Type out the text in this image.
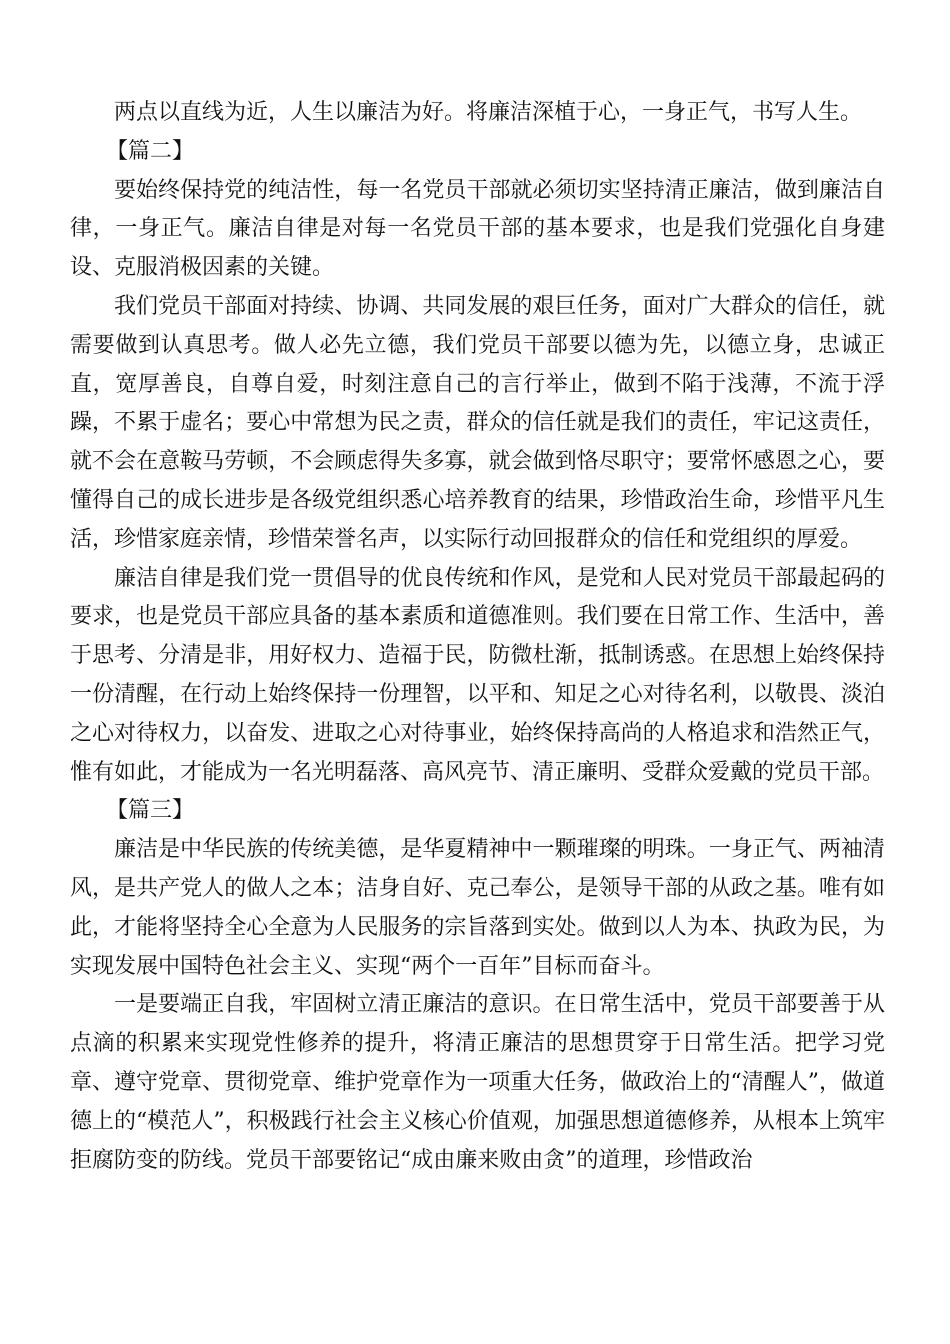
两点以直线为近，人生以廉洁为好。将廉洁深植于心，一身正气，书写人生。

【篇二】

要始终保持党的纯洁性，每一名党员干部就必须切实坚持清正廉洁，做到廉洁自律，一身正气。廉洁自律是对每一名党员干部的基本要求，也是我们党强化自身建设、克服消极因素的关键。

我们党员干部面对持续、协调、共同发展的艰巨任务，面对广大群众的信任，就需要做到认真思考。做人必先立德，我们党员干部要以德为先，以德立身，忠诚正直，宽厚善良，自尊自爱，时刻注意自己的言行举止，做到不陷于浅薄，不流于浮躁，不累于虚名；要心中常想为民之责，群众的信任就是我们的责任，牢记这责任，就不会在意鞍马劳顿，不会顾虑得失多寡，就会做到恪尽职守；要常怀感恩之心，要懂得自己的成长进步是各级党组织悉心培养教育的结果，珍惜政治生命，珍惜平凡生活，珍惜家庭亲情，珍惜荣誉名声，以实际行动回报群众的信任和党组织的厚爱。

廉洁自律是我们党一贯倡导的优良传统和作风，是党和人民对党员干部最起码的要求，也是党员干部应具备的基本素质和道德准则。我们要在日常工作、生活中，善于思考、分清是非，用好权力、造福于民，防微杜渐，抵制诱惑。在思想上始终保持一份清醒，在行动上始终保持一份理智，以平和、知足之心对待名利，以敬畏、淡泊之心对待权力，以奋发、进取之心对待事业，始终保持高尚的人格追求和浩然正气，惟有如此，才能成为一名光明磊落、高风亮节、清正廉明、受群众爱戴的党员干部。

【篇三】

廉洁是中华民族的传统美德，是华夏精神中一颗璀璨的明珠。一身正气、两袖清风，是共产党人的做人之本；洁身自好、克己奉公，是领导干部的从政之基。唯有如此，才能将坚持全心全意为人民服务的宗旨落到实处。做到以人为本、执政为民，为实现发展中国特色社会主义、实现“两个一百年”目标而奋斗。

一是要端正自我，牢固树立清正廉洁的意识。在日常生活中，党员干部要善于从点滴的积累来实现党性修养的提升，将清正廉洁的思想贯穿于日常生活。把学习党章、遵守党章、贯彻党章、维护党章作为一项重大任务，做政治上的“清醒人”，做道德上的“模范人”，积极践行社会主义核心价值观，加强思想道德修养，从根本上筑牢拒腐防变的防线。党员干部要铭记“成由廉来败由贪”的道理，珍惜政治
